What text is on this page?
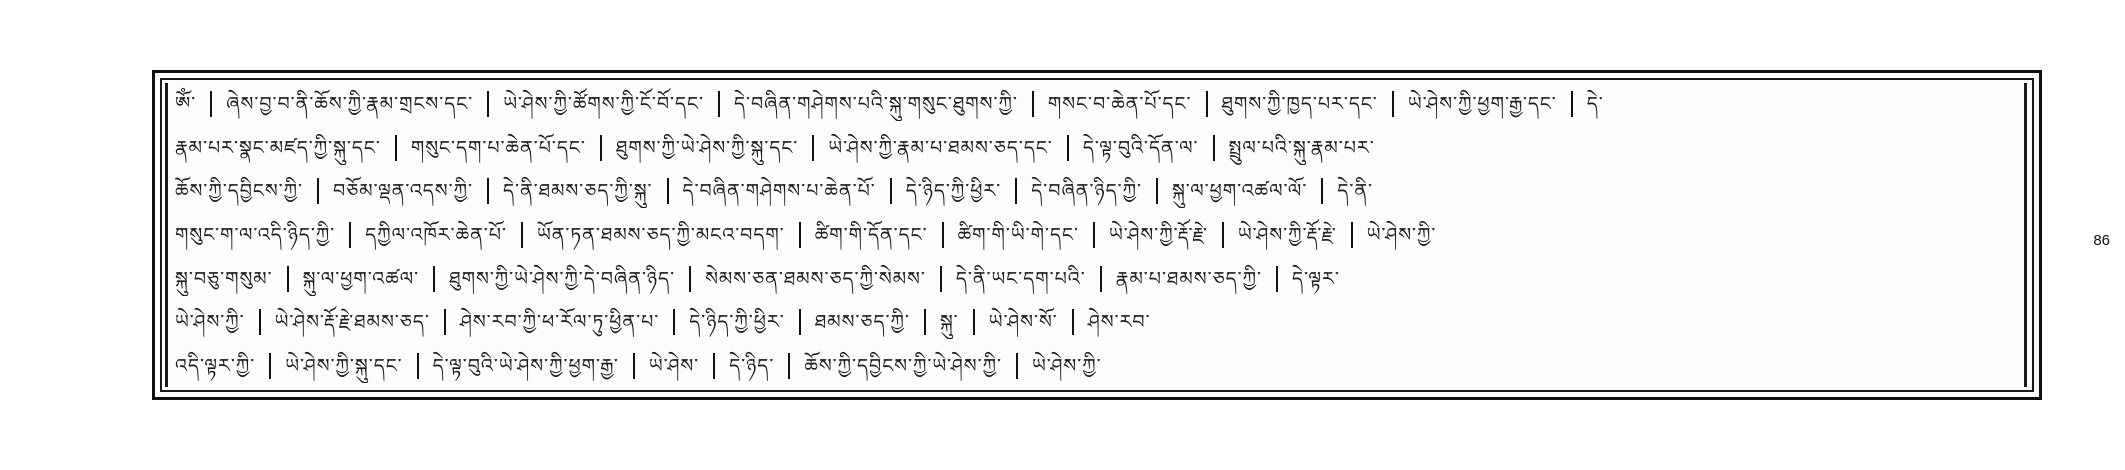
ༀ་ ཞེས་བྱ་བ་ནི་ཆོས་ཀྱི་རྣམ་གྲངས་དང་ ཡེ་ཤེས་ཀྱི་ཚོགས་ཀྱི་ངོ་བོ་དང་ དེ་བཞིན་གཤེགས་པའི་སྐུ་གསུང་ཐུགས་ཀྱི་ གསང་བ་ཆེན་པོ་དང་ ཐུགས་ཀྱི་ཁྱད་པར་དང་ ཡེ་ཤེས་ཀྱི་ཕྱག་རྒྱ་དང་ དེ་
རྣམ་པར་སྣང་མཛད་ཀྱི་སྐུ་དང་ གསུང་དག་པ་ཆེན་པོ་དང་ ཐུགས་ཀྱི་ཡེ་ཤེས་ཀྱི་སྐུ་དང་ ཡེ་ཤེས་ཀྱི་རྣམ་པ་ཐམས་ཅད་དང་ དེ་ལྟ་བུའི་དོན་ལ་ སྤྲུལ་པའི་སྐུ་རྣམ་པར་
ཆོས་ཀྱི་དབྱིངས་ཀྱི་ བཅོམ་ལྡན་འདས་ཀྱི་ དེ་ནི་ཐམས་ཅད་ཀྱི་སྐུ་ དེ་བཞིན་གཤེགས་པ་ཆེན་པོ་ དེ་ཉིད་ཀྱི་ཕྱིར་ དེ་བཞིན་ཉིད་ཀྱི་ སྐུ་ལ་ཕྱག་འཚལ་ལོ་ དེ་ནི་
གསུང་ག་ལ་འདི་ཉིད་ཀྱི་ དཀྱིལ་འཁོར་ཆེན་པོ་ ཡོན་ཏན་ཐམས་ཅད་ཀྱི་མངའ་བདག་ ཚིག་གི་དོན་དང་ ཚིག་གི་ཡི་གེ་དང་ ཡེ་ཤེས་ཀྱི་རྡོ་རྗེ་ ཡེ་ཤེས་ཀྱི་རྡོ་རྗེ་ ཡེ་ཤེས་ཀྱི་
སྐུ་བཅུ་གསུམ་ སྐུ་ལ་ཕྱག་འཚལ་ ཐུགས་ཀྱི་ཡེ་ཤེས་ཀྱི་དེ་བཞིན་ཉིད་ སེམས་ཅན་ཐམས་ཅད་ཀྱི་སེམས་ དེ་ནི་ཡང་དག་པའི་ རྣམ་པ་ཐམས་ཅད་ཀྱི་ དེ་ལྟར་
ཡེ་ཤེས་ཀྱི་ ཡེ་ཤེས་རྡོ་རྗེ་ཐམས་ཅད་ ཤེས་རབ་ཀྱི་ཕ་རོལ་ཏུ་ཕྱིན་པ་ དེ་ཉིད་ཀྱི་ཕྱིར་ ཐམས་ཅད་ཀྱི་ སྐུ་ ཡེ་ཤེས་སོ་ ཤེས་རབ་
འདི་ལྟར་ཀྱི་ ཡེ་ཤེས་ཀྱི་སྐུ་དང་ དེ་ལྟ་བུའི་ཡེ་ཤེས་ཀྱི་ཕྱག་རྒྱ་ ཡེ་ཤེས་ དེ་ཉིད་ ཆོས་ཀྱི་དབྱིངས་ཀྱི་ཡེ་ཤེས་ཀྱི་ ཡེ་ཤེས་ཀྱི་
86
